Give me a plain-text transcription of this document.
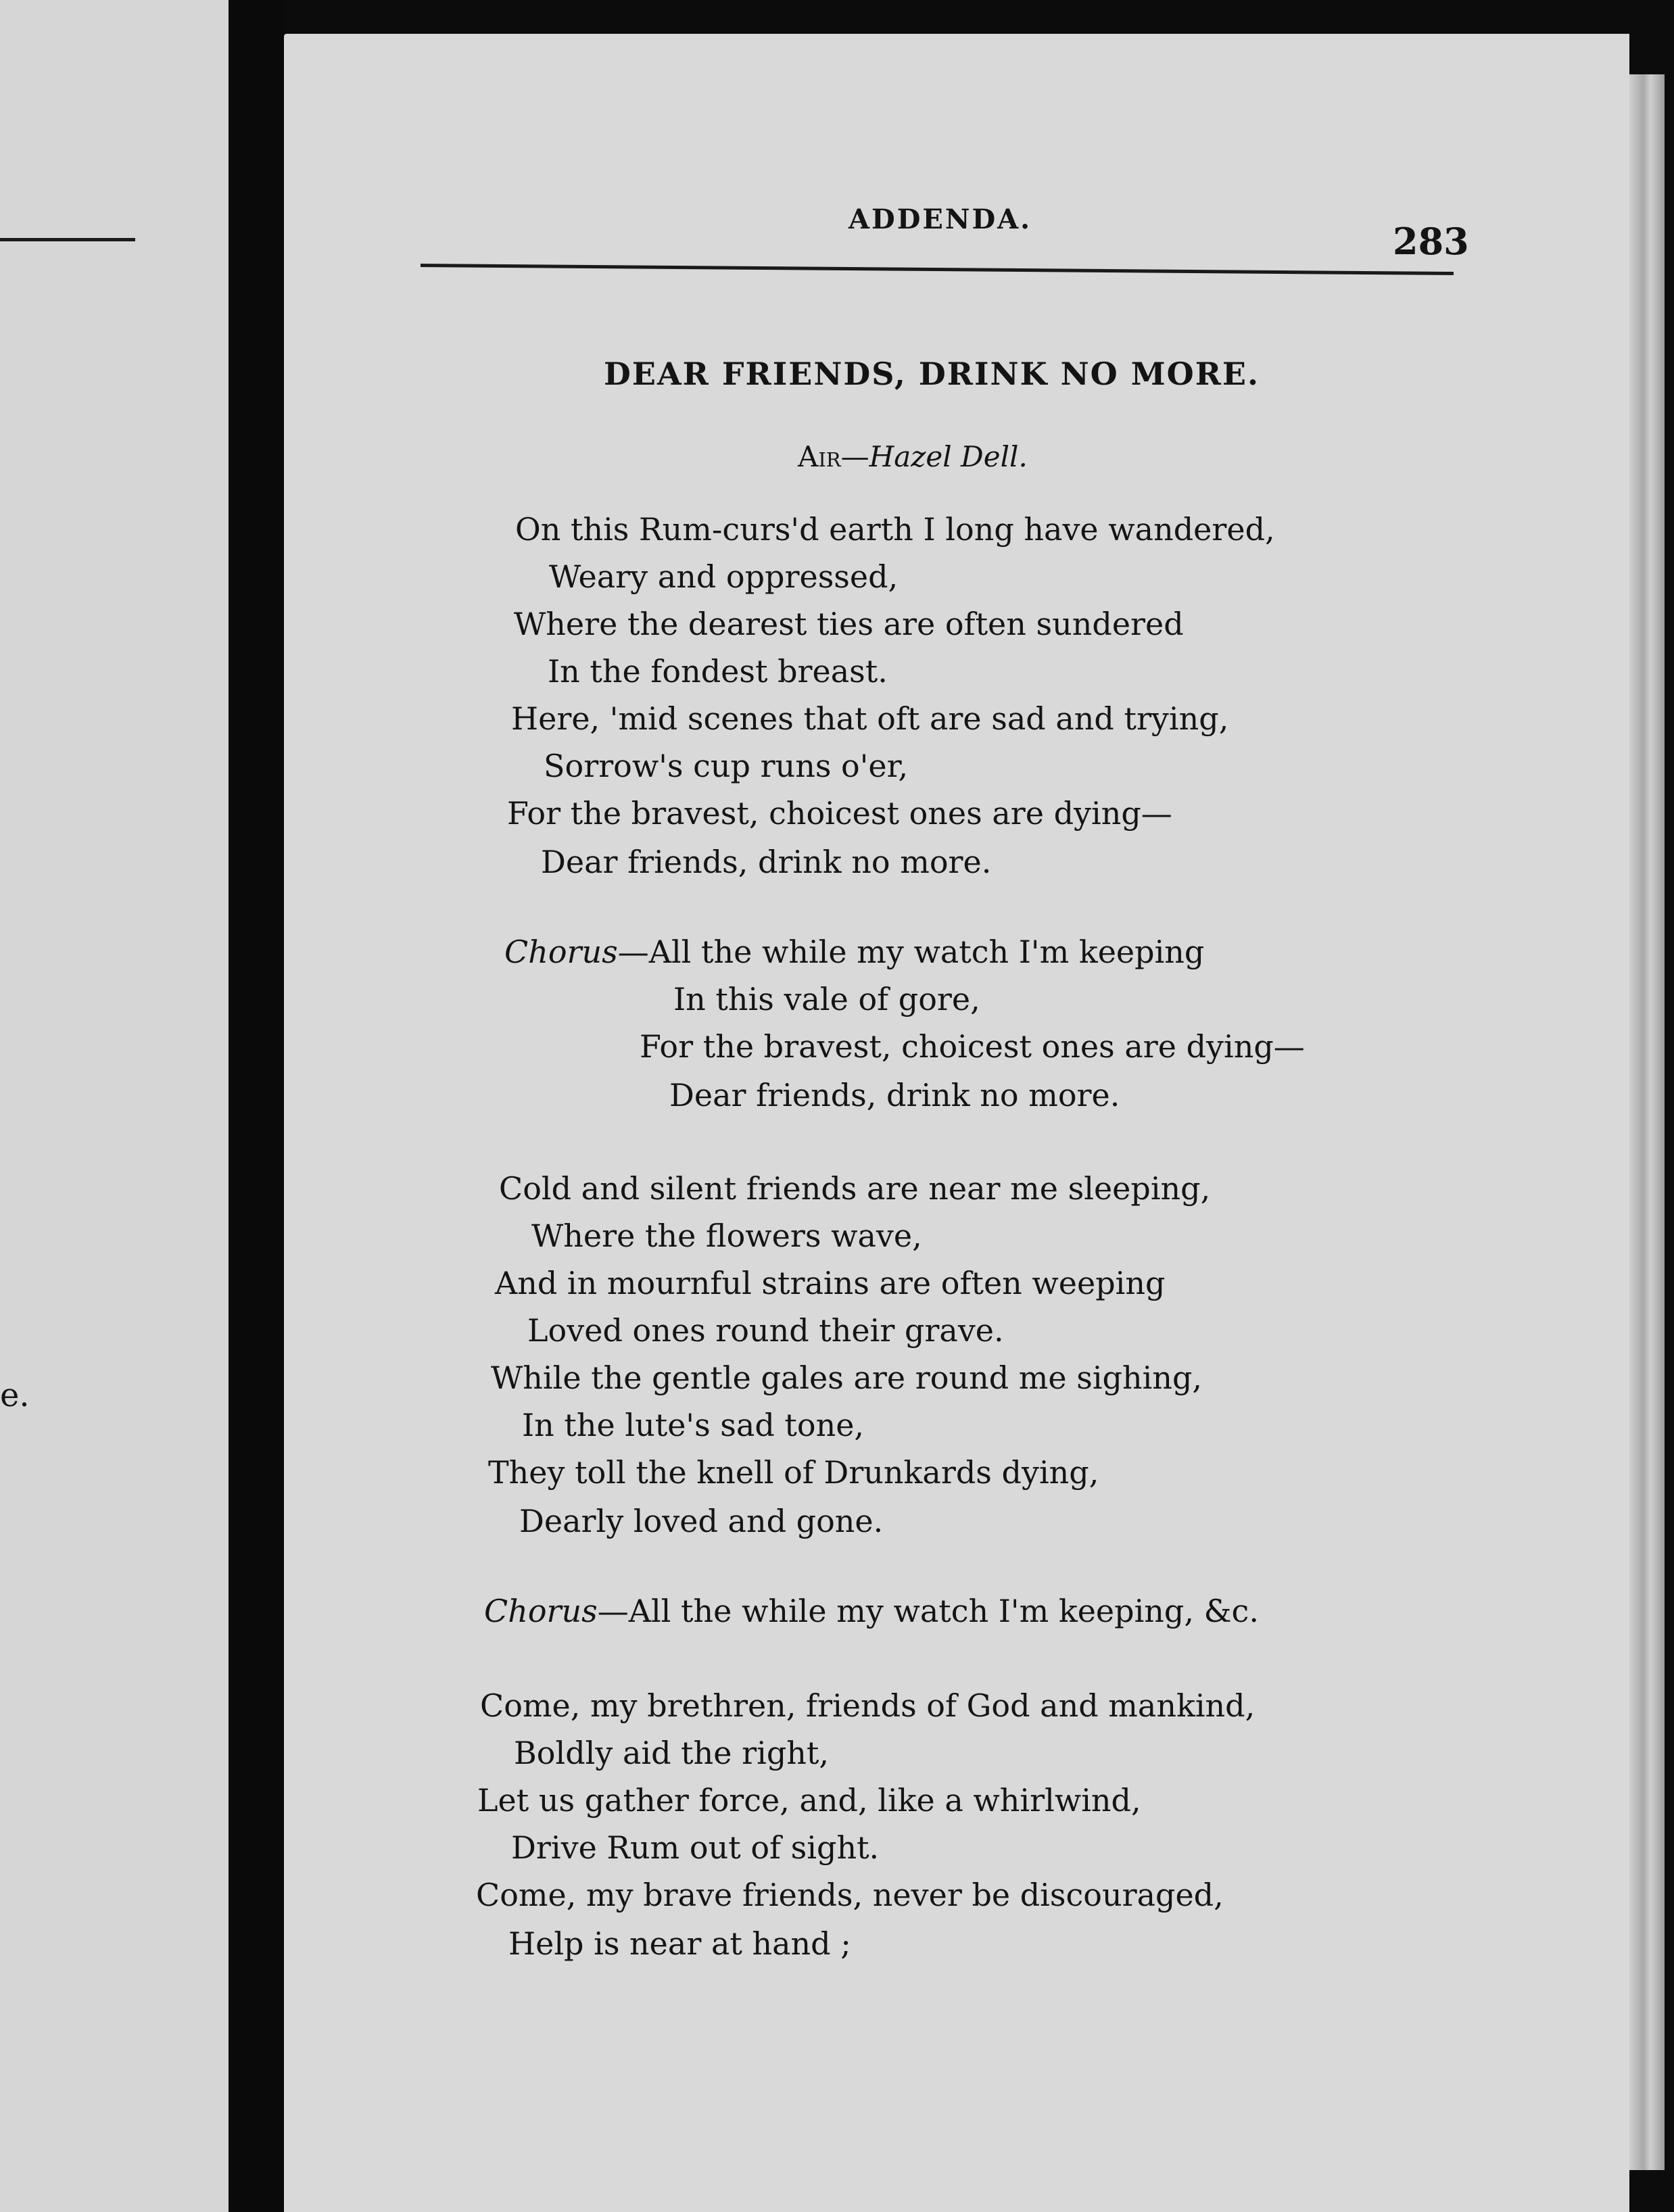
e.
ADDENDA.
283
DEAR FRIENDS, DRINK NO MORE.
Air—Hazel Dell.
On this Rum-curs'd earth I long have wandered,
Weary and oppressed,
Where the dearest ties are often sundered
In the fondest breast.
Here, 'mid scenes that oft are sad and trying,
Sorrow's cup runs o'er,
For the bravest, choicest ones are dying—
Dear friends, drink no more.
Chorus—All the while my watch I'm keeping
In this vale of gore,
For the bravest, choicest ones are dying—
Dear friends, drink no more.
Cold and silent friends are near me sleeping,
Where the flowers wave,
And in mournful strains are often weeping
Loved ones round their grave.
While the gentle gales are round me sighing,
In the lute's sad tone,
They toll the knell of Drunkards dying,
Dearly loved and gone.
Chorus—All the while my watch I'm keeping, &c.
Come, my brethren, friends of God and mankind,
Boldly aid the right,
Let us gather force, and, like a whirlwind,
Drive Rum out of sight.
Come, my brave friends, never be discouraged,
Help is near at hand ;
